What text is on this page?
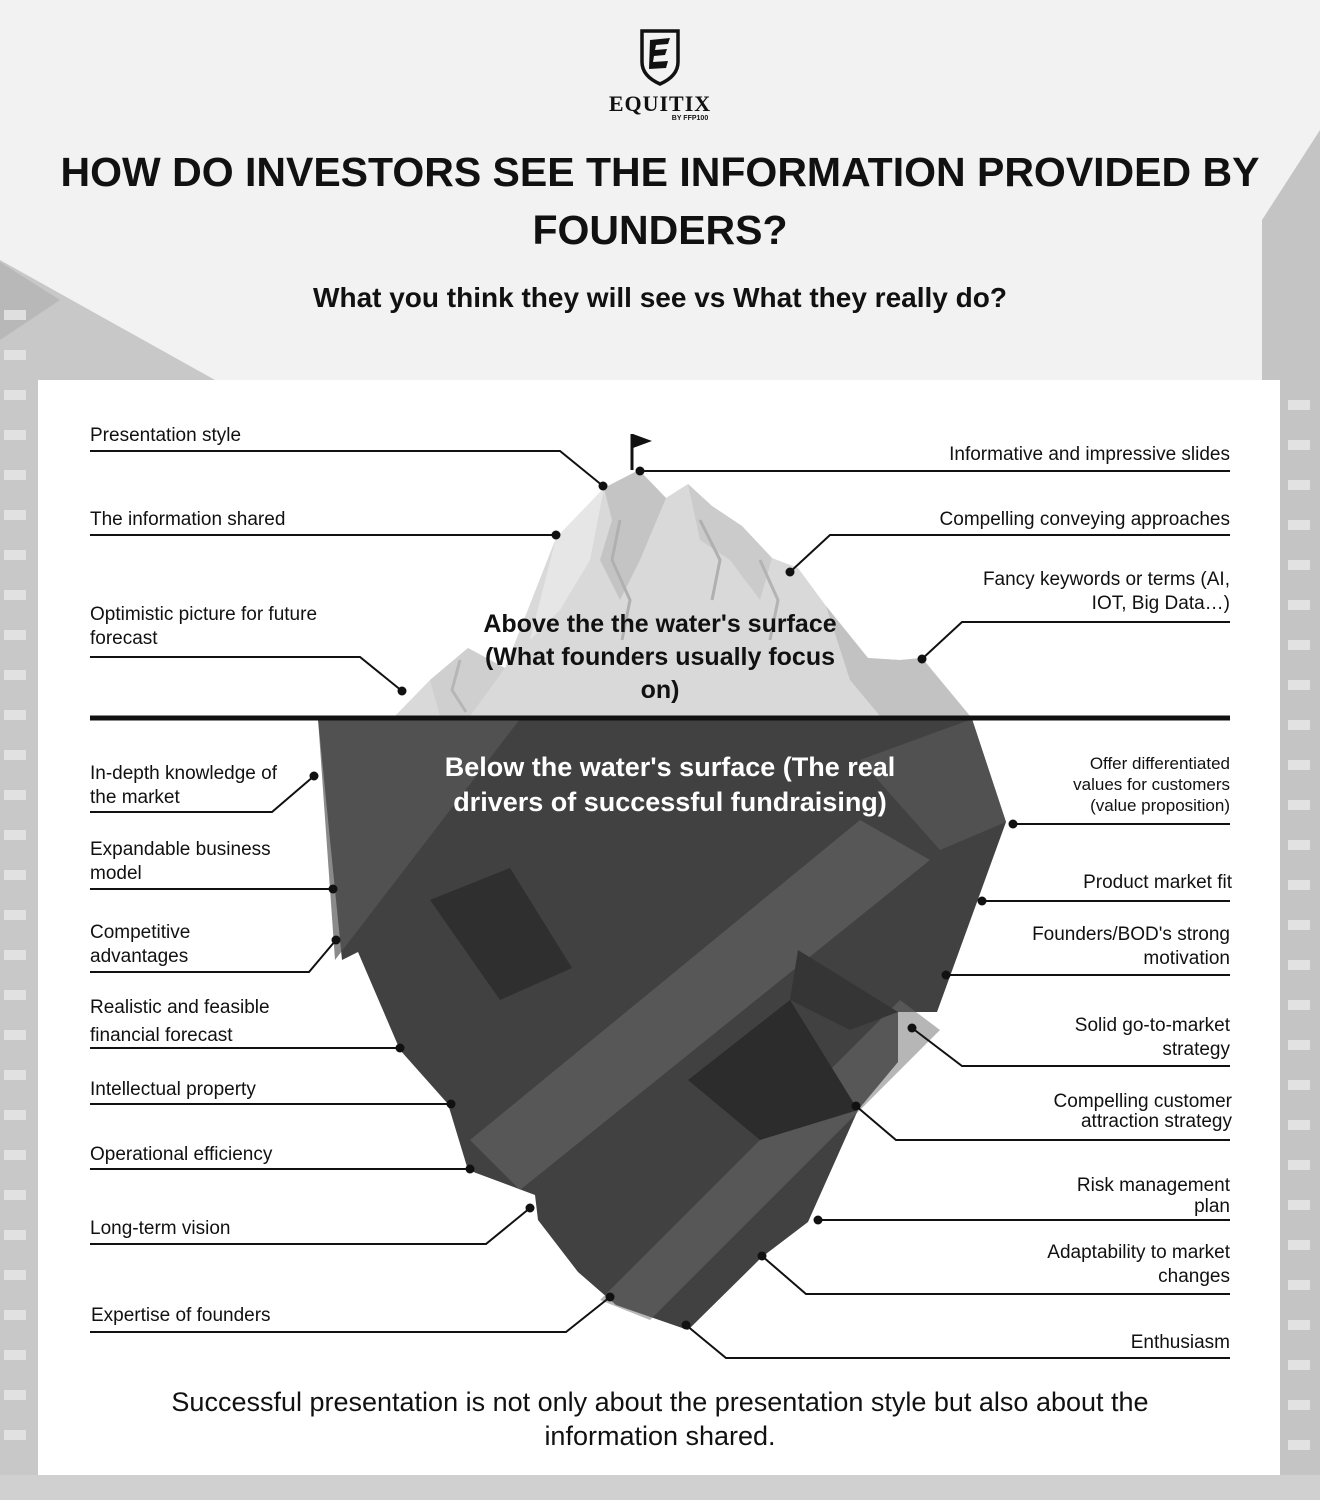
EQUITIX
BY FFP100
HOW DO INVESTORS SEE THE INFORMATION PROVIDED BY FOUNDERS?
What you think they will see vs What they really do?
Above the the water's surface (What founders usually focus on)
Below the water's surface (The real drivers of successful fundraising)
Presentation style
The information shared
Optimistic picture for future forecast
Informative and impressive slides
Compelling conveying approaches
Fancy keywords or terms (AI, IOT, Big Data…)
In-depth knowledge of the market
Expandable business model
Competitive advantages
Realistic and feasible financial forecast
Intellectual property
Operational efficiency
Long-term vision
Expertise of founders
Offer differentiated values for customers (value proposition)
Product market fit
Founders/BOD's strong motivation
Solid go-to-market strategy
Compelling customer attraction strategy
Risk management plan
Adaptability to market changes
Enthusiasm
Successful presentation is not only about the presentation style but also about the information shared.
